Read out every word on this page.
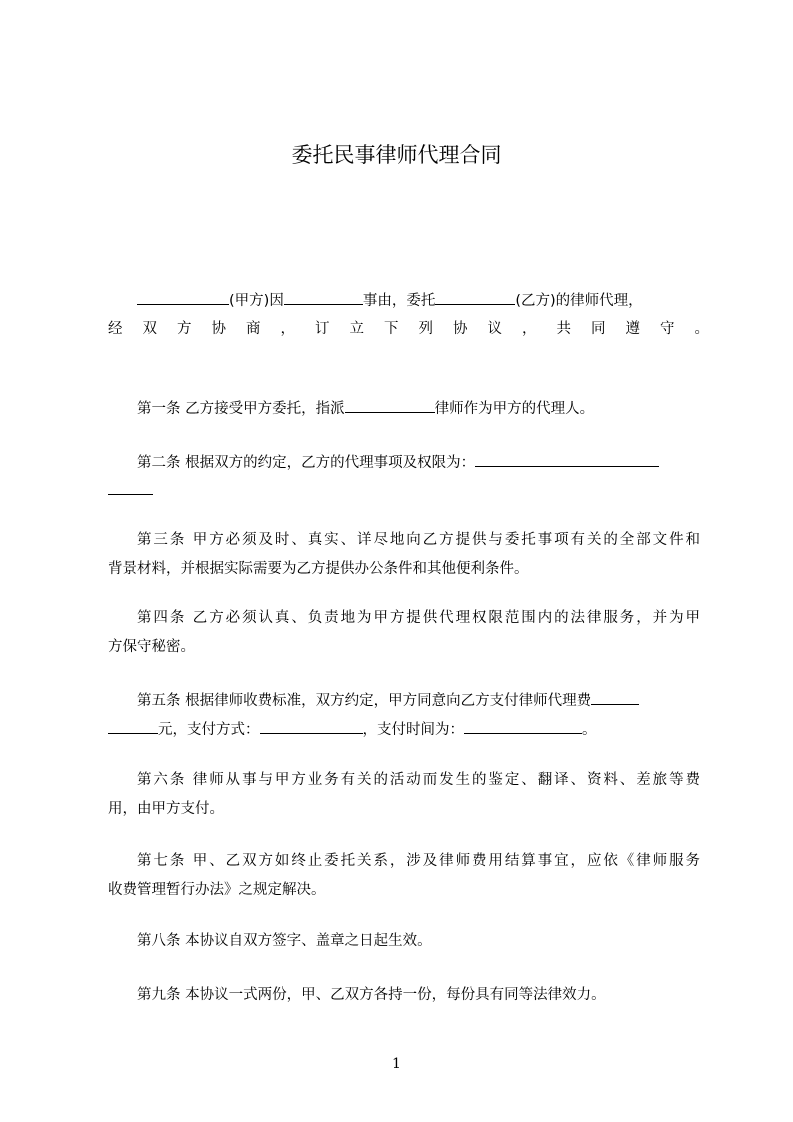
委托民事律师代理合同
(甲方)因	事由，委托	(乙方)的律师代理，
经双方协商，订立下列协议，共同遵守。
第一条 乙方接受甲方委托，指派	律师作为甲方的代理人。
第二条 根据双方的约定，乙方的代理事项及权限为：
第三条 甲方必须及时、真实、详尽地向乙方提供与委托事项有关的全部文件和
背景材料，并根据实际需要为乙方提供办公条件和其他便利条件。
第四条 乙方必须认真、负责地为甲方提供代理权限范围内的法律服务，并为甲
方保守秘密。
第五条 根据律师收费标准，双方约定，甲方同意向乙方支付律师代理费
元，支付方式：	，支付时间为：	。
第六条 律师从事与甲方业务有关的活动而发生的鉴定、翻译、资料、差旅等费
用，由甲方支付。
第七条 甲、乙双方如终止委托关系，涉及律师费用结算事宜，应依《律师服务
收费管理暂行办法》之规定解决。
第八条 本协议自双方签字、盖章之日起生效。
第九条 本协议一式两份，甲、乙双方各持一份，每份具有同等法律效力。
1
